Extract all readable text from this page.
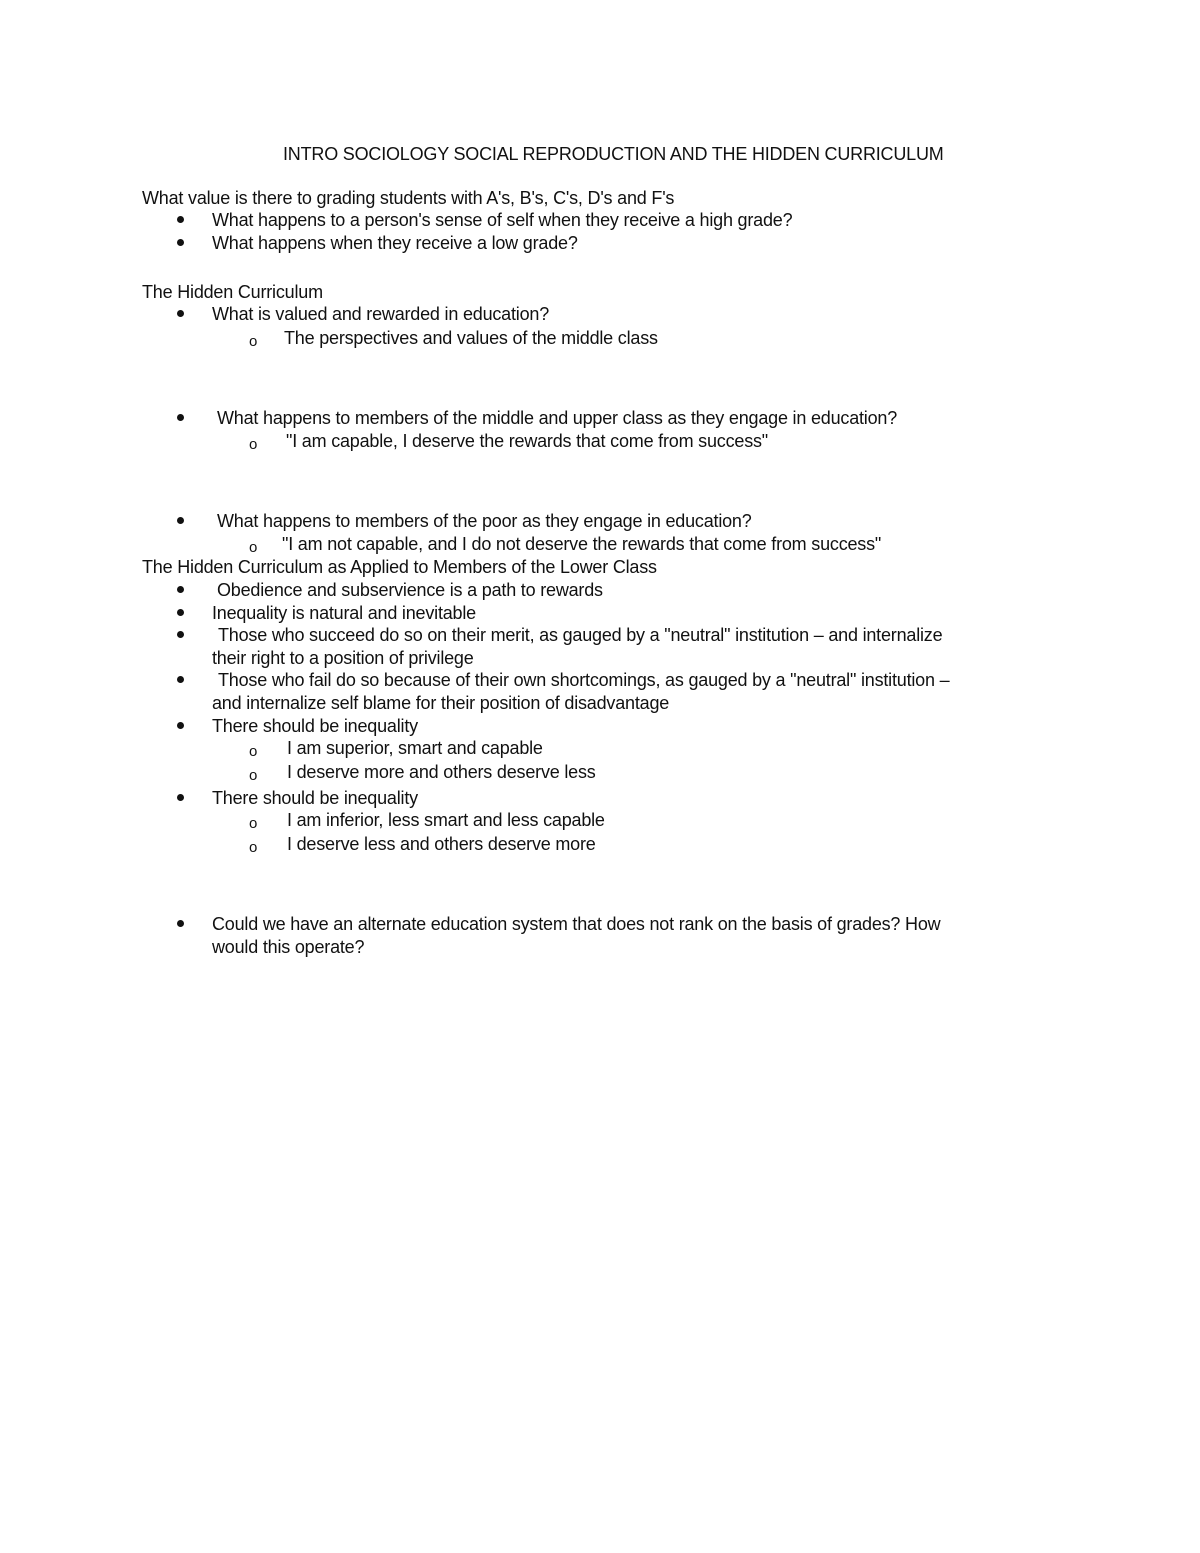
INTRO SOCIOLOGY SOCIAL REPRODUCTION AND THE HIDDEN CURRICULUM
What value is there to grading students with A's, B's, C's, D's and F's
What happens to a person's sense of self when they receive a high grade?
What happens when they receive a low grade?
The Hidden Curriculum
What is valued and rewarded in education?
o The perspectives and values of the middle class
What happens to members of the middle and upper class as they engage in education?
o "I am capable, I deserve the rewards that come from success"
What happens to members of the poor as they engage in education?
o "I am not capable, and I do not deserve the rewards that come from success"
The Hidden Curriculum as Applied to Members of the Lower Class
Obedience and subservience is a path to rewards
Inequality is natural and inevitable
Those who succeed do so on their merit, as gauged by a "neutral" institution – and internalize
their right to a position of privilege
Those who fail do so because of their own shortcomings, as gauged by a "neutral" institution –
and internalize self blame for their position of disadvantage
There should be inequality
o I am superior, smart and capable
o I deserve more and others deserve less
There should be inequality
o I am inferior, less smart and less capable
o I deserve less and others deserve more
Could we have an alternate education system that does not rank on the basis of grades? How
would this operate?
